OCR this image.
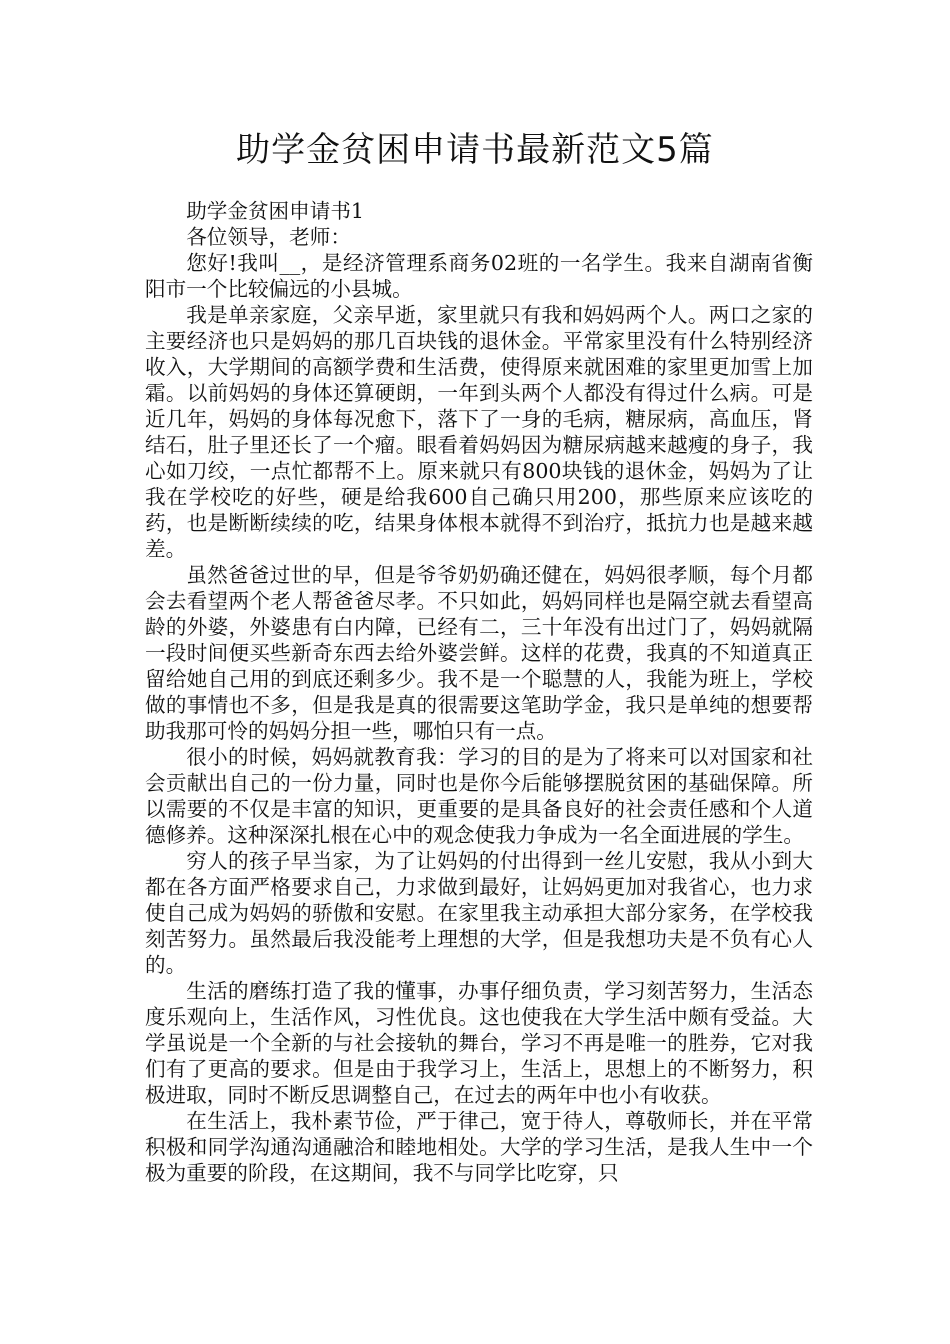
助学金贫困申请书最新范文5篇

助学金贫困申请书1

各位领导，老师：

您好!我叫__，是经济管理系商务02班的一名学生。我来自湖南省衡阳市一个比较偏远的小县城。

我是单亲家庭，父亲早逝，家里就只有我和妈妈两个人。两口之家的主要经济也只是妈妈的那几百块钱的退休金。平常家里没有什么特别经济收入，大学期间的高额学费和生活费，使得原来就困难的家里更加雪上加霜。以前妈妈的身体还算硬朗，一年到头两个人都没有得过什么病。可是近几年，妈妈的身体每况愈下，落下了一身的毛病，糖尿病，高血压，肾结石，肚子里还长了一个瘤。眼看着妈妈因为糖尿病越来越瘦的身子，我心如刀绞，一点忙都帮不上。原来就只有800块钱的退休金，妈妈为了让我在学校吃的好些，硬是给我600自己确只用200，那些原来应该吃的药，也是断断续续的吃，结果身体根本就得不到治疗，抵抗力也是越来越差。

虽然爸爸过世的早，但是爷爷奶奶确还健在，妈妈很孝顺，每个月都会去看望两个老人帮爸爸尽孝。不只如此，妈妈同样也是隔空就去看望高龄的外婆，外婆患有白内障，已经有二，三十年没有出过门了，妈妈就隔一段时间便买些新奇东西去给外婆尝鲜。这样的花费，我真的不知道真正留给她自己用的到底还剩多少。我不是一个聪慧的人，我能为班上，学校做的事情也不多，但是我是真的很需要这笔助学金，我只是单纯的想要帮助我那可怜的妈妈分担一些，哪怕只有一点。

很小的时候，妈妈就教育我：学习的目的是为了将来可以对国家和社会贡献出自己的一份力量，同时也是你今后能够摆脱贫困的基础保障。所以需要的不仅是丰富的知识，更重要的是具备良好的社会责任感和个人道德修养。这种深深扎根在心中的观念使我力争成为一名全面进展的学生。

穷人的孩子早当家，为了让妈妈的付出得到一丝儿安慰，我从小到大都在各方面严格要求自己，力求做到最好，让妈妈更加对我省心，也力求使自己成为妈妈的骄傲和安慰。在家里我主动承担大部分家务，在学校我刻苦努力。虽然最后我没能考上理想的大学，但是我想功夫是不负有心人的。

生活的磨练打造了我的懂事，办事仔细负责，学习刻苦努力，生活态度乐观向上，生活作风，习性优良。这也使我在大学生活中颇有受益。大学虽说是一个全新的与社会接轨的舞台，学习不再是唯一的胜券，它对我们有了更高的要求。但是由于我学习上，生活上，思想上的不断努力，积极进取，同时不断反思调整自己，在过去的两年中也小有收获。

在生活上，我朴素节俭，严于律己，宽于待人，尊敬师长，并在平常积极和同学沟通沟通融洽和睦地相处。大学的学习生活，是我人生中一个极为重要的阶段，在这期间，我不与同学比吃穿，只
